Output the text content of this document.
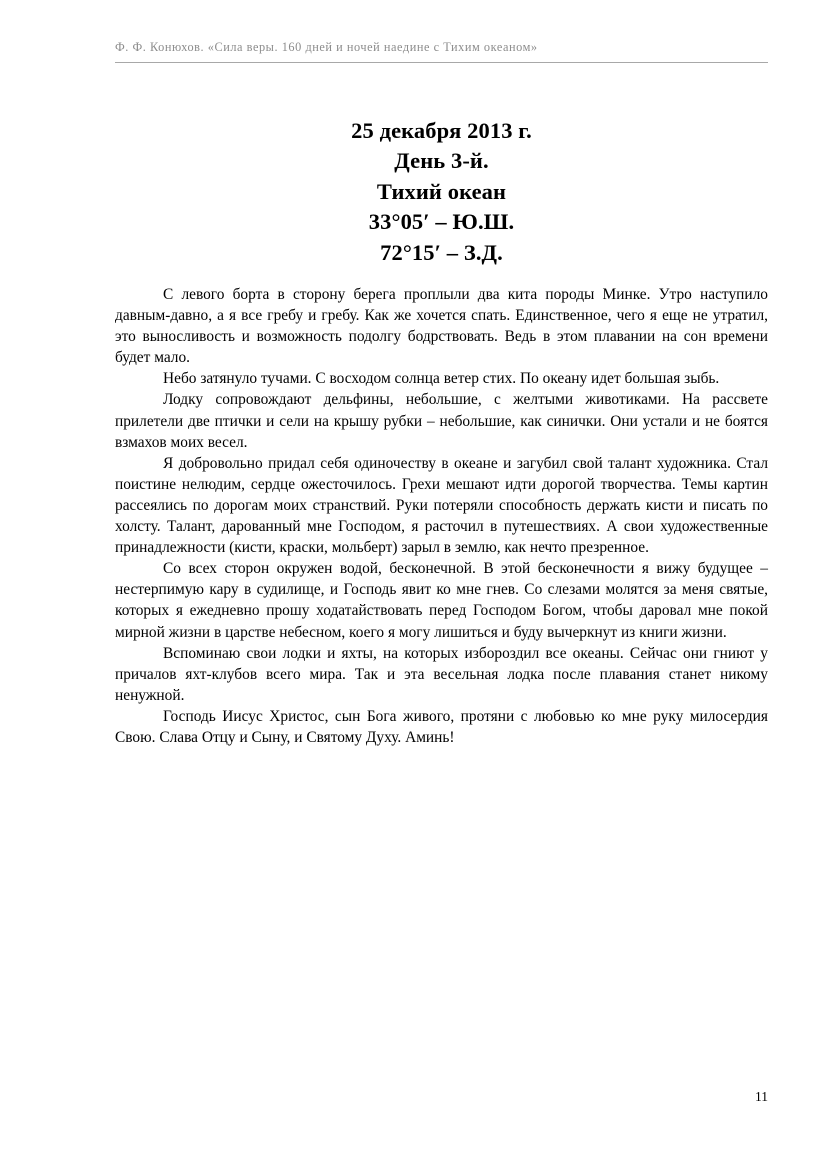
Ф. Ф. Конюхов. «Сила веры. 160 дней и ночей наедине с Тихим океаном»
25 декабря 2013 г.
День 3-й.
Тихий океан
33°05′ – Ю.Ш.
72°15′ – З.Д.

С левого борта в сторону берега проплыли два кита породы Минке. Утро наступило давным-давно, а я все гребу и гребу. Как же хочется спать. Единственное, чего я еще не утратил, это выносливость и возможность подолгу бодрствовать. Ведь в этом плавании на сон времени будет мало.

Небо затянуло тучами. С восходом солнца ветер стих. По океану идет большая зыбь.

Лодку сопровождают дельфины, небольшие, с желтыми животиками. На рассвете прилетели две птички и сели на крышу рубки – небольшие, как синички. Они устали и не боятся взмахов моих весел.

Я добровольно придал себя одиночеству в океане и загубил свой талант художника. Стал поистине нелюдим, сердце ожесточилось. Грехи мешают идти дорогой творчества. Темы картин рассеялись по дорогам моих странствий. Руки потеряли способность держать кисти и писать по холсту. Талант, дарованный мне Господом, я расточил в путешествиях. А свои художественные принадлежности (кисти, краски, мольберт) зарыл в землю, как нечто презренное.

Со всех сторон окружен водой, бесконечной. В этой бесконечности я вижу будущее – нестерпимую кару в судилище, и Господь явит ко мне гнев. Со слезами молятся за меня святые, которых я ежедневно прошу ходатайствовать перед Господом Богом, чтобы даровал мне покой мирной жизни в царстве небесном, коего я могу лишиться и буду вычеркнут из книги жизни.

Вспоминаю свои лодки и яхты, на которых избороздил все океаны. Сейчас они гниют у причалов яхт-клубов всего мира. Так и эта весельная лодка после плавания станет никому ненужной.

Господь Иисус Христос, сын Бога живого, протяни с любовью ко мне руку милосердия Свою. Слава Отцу и Сыну, и Святому Духу. Аминь!

11
